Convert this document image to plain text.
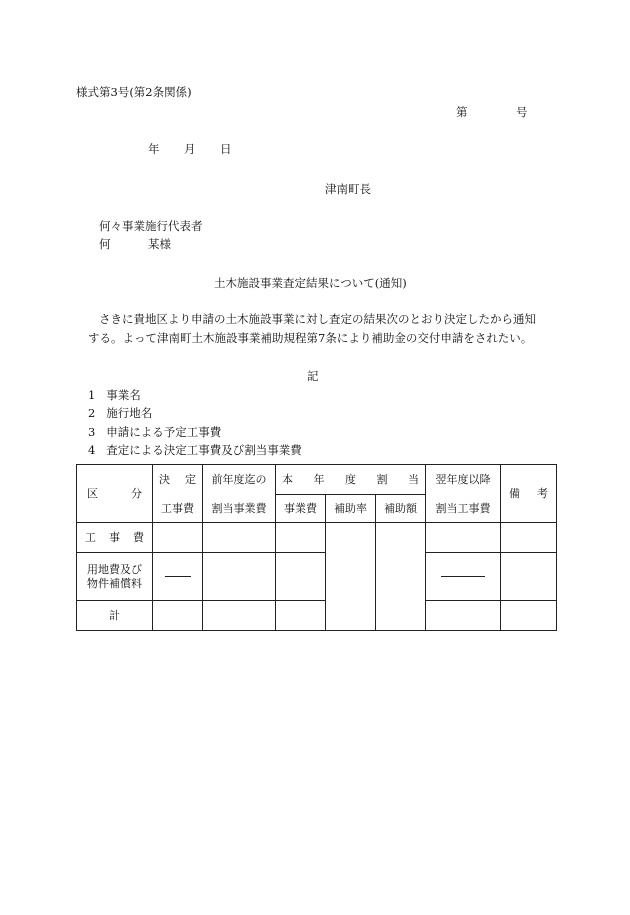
様式第3号(第2条関係)
第	号
年 月 日
津南町長
何々事業施行代表者
何	某様
土木施設事業査定結果について(通知)
さきに貴地区より申請の土木施設事業に対し査定の結果次のとおり決定したから通知
する。よって津南町土木施設事業補助規程第7条により補助金の交付申請をされたい。
記
1 事業名
2 施行地名
3 申請による予定工事費
4 査定による決定工事費及び割当事業費
区 分	決 定	前年度迄の	本 年 度 割 当			翌年度以降	備 考

	工事費	割当事業費	事業費	補助率	補助額	割当工事費	

工 事 費							

用地費及び
物件補償料							

計							
